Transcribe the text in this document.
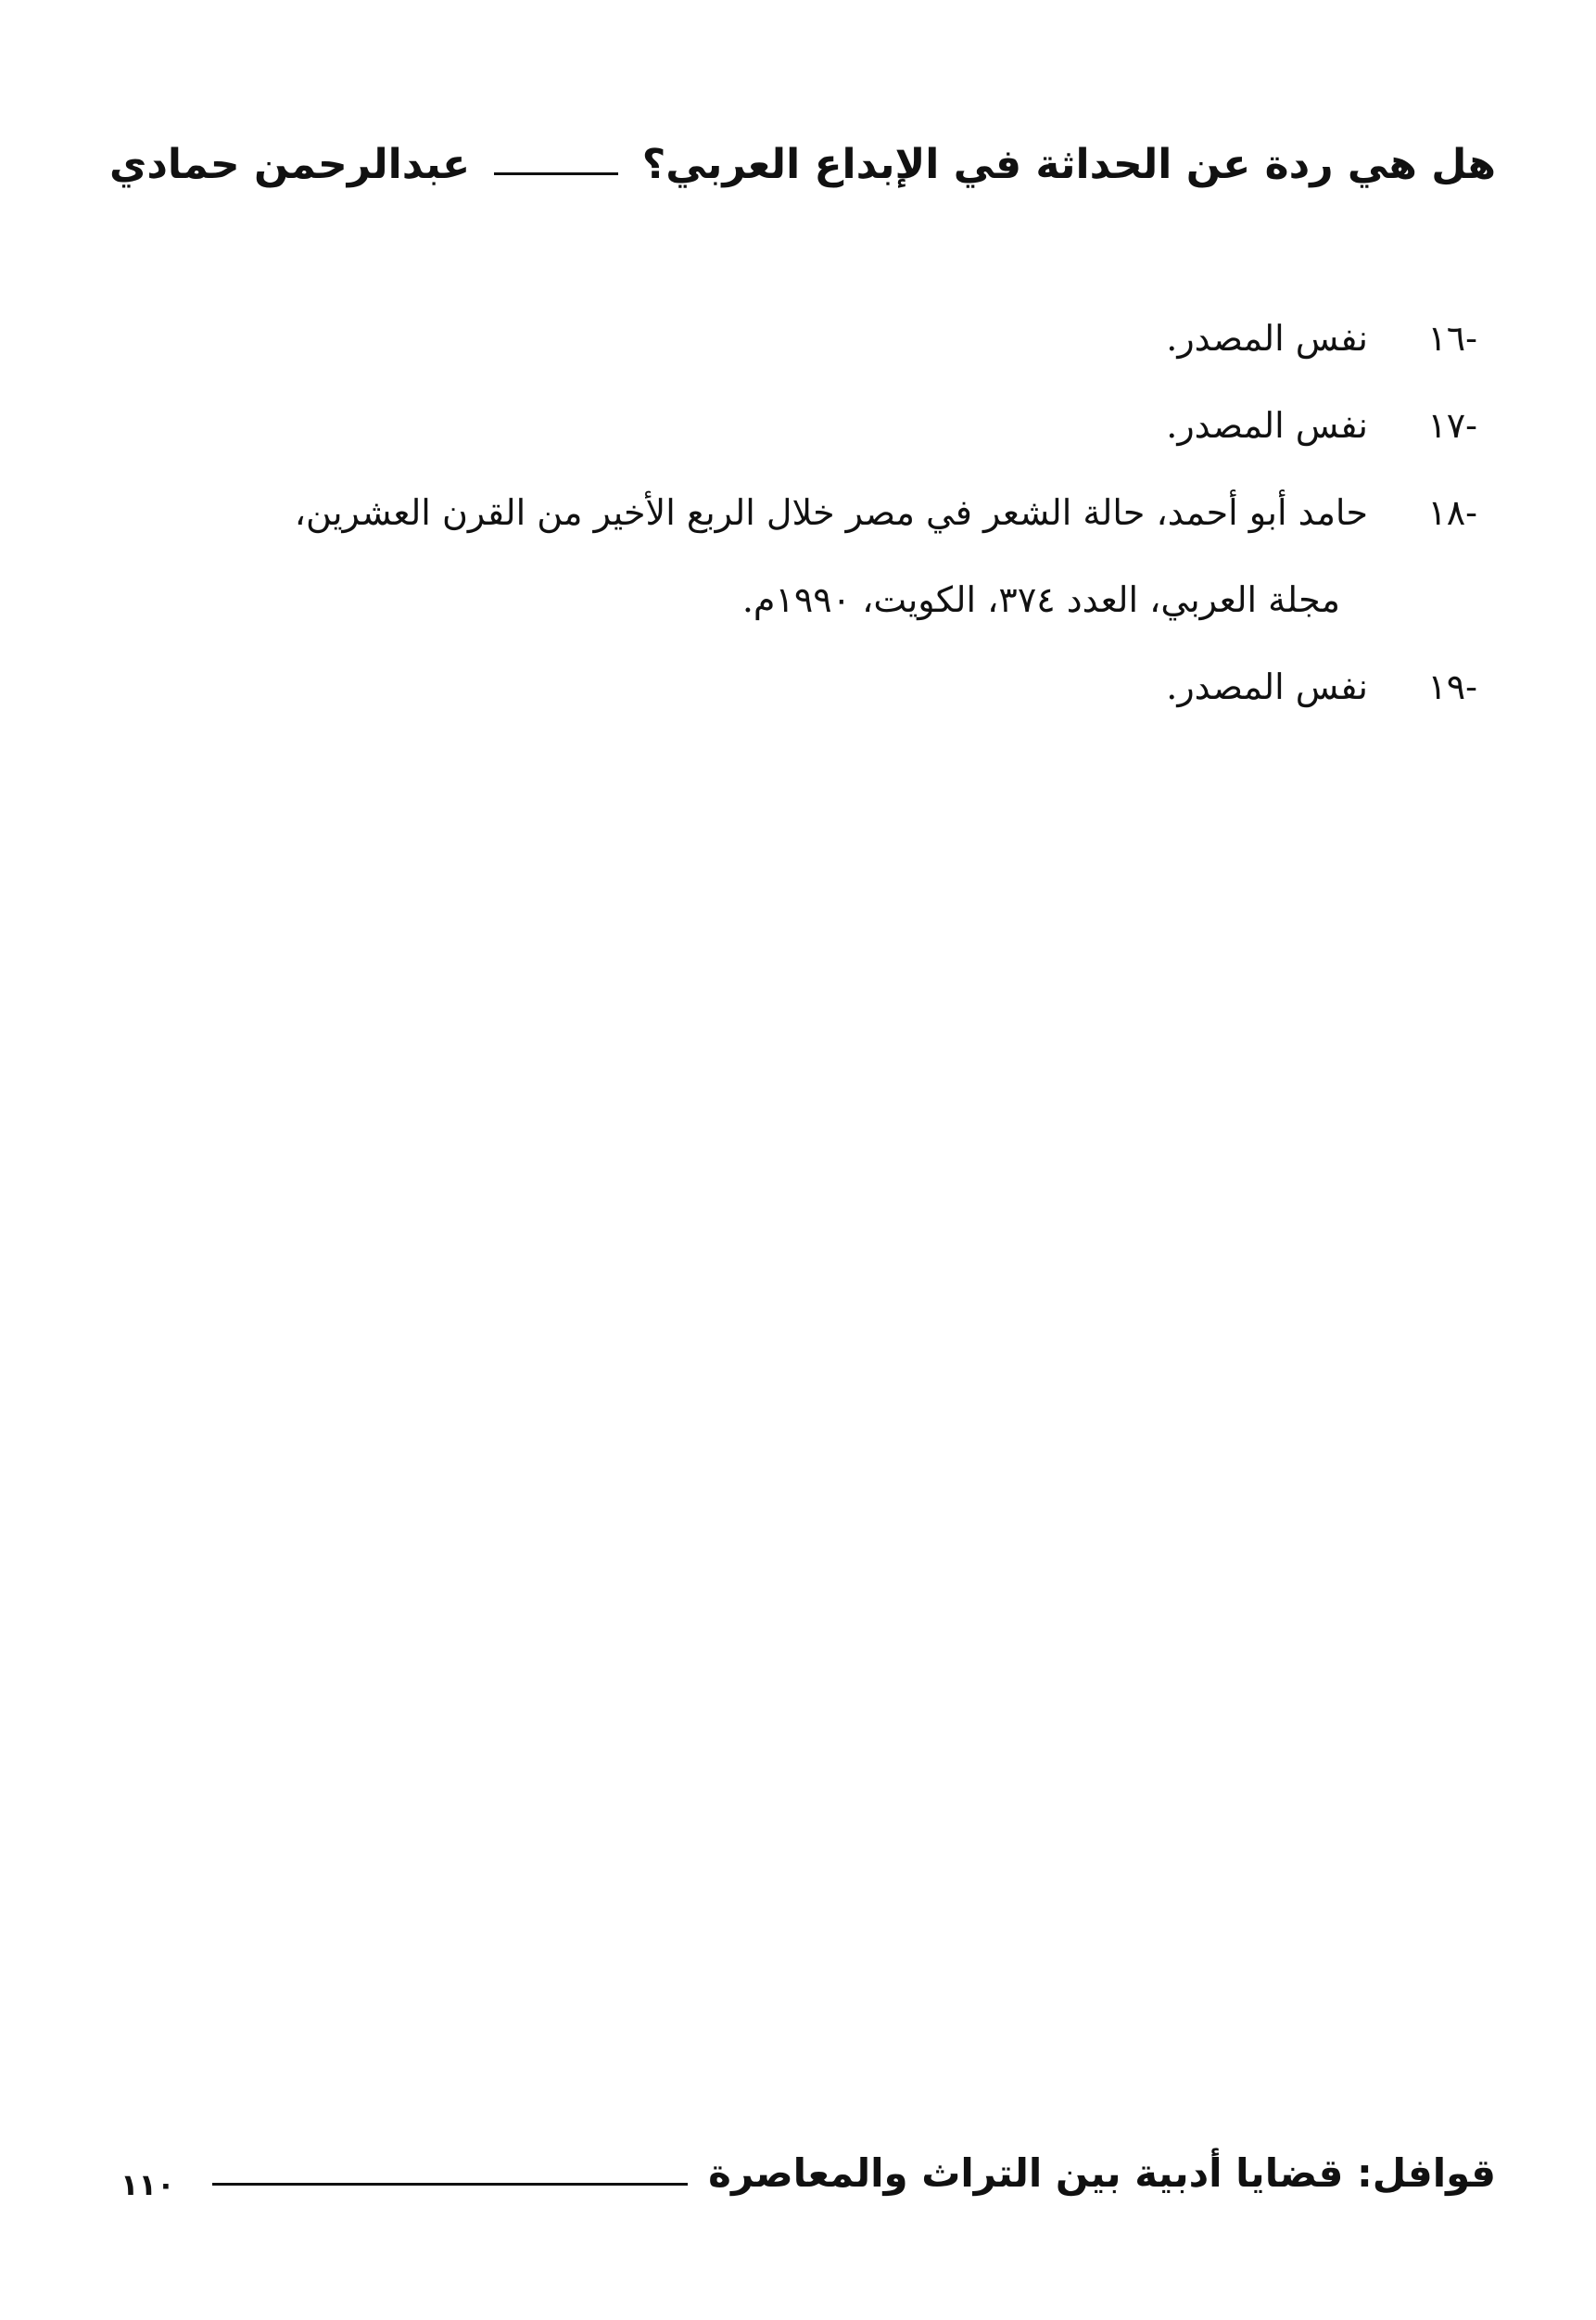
هل هي ردة عن الحداثة في الإبداع العربي؟
عبدالرحمن حمادي
-١٦
نفس المصدر.
-١٧
نفس المصدر.
-١٨
حامد أبو أحمد، حالة الشعر في مصر خلال الربع الأخير من القرن العشرين،
مجلة العربي، العدد ٣٧٤، الكويت، ١٩٩٠م.
-١٩
نفس المصدر.
قوافل: قضايا أدبية بين التراث والمعاصرة
١١٠
